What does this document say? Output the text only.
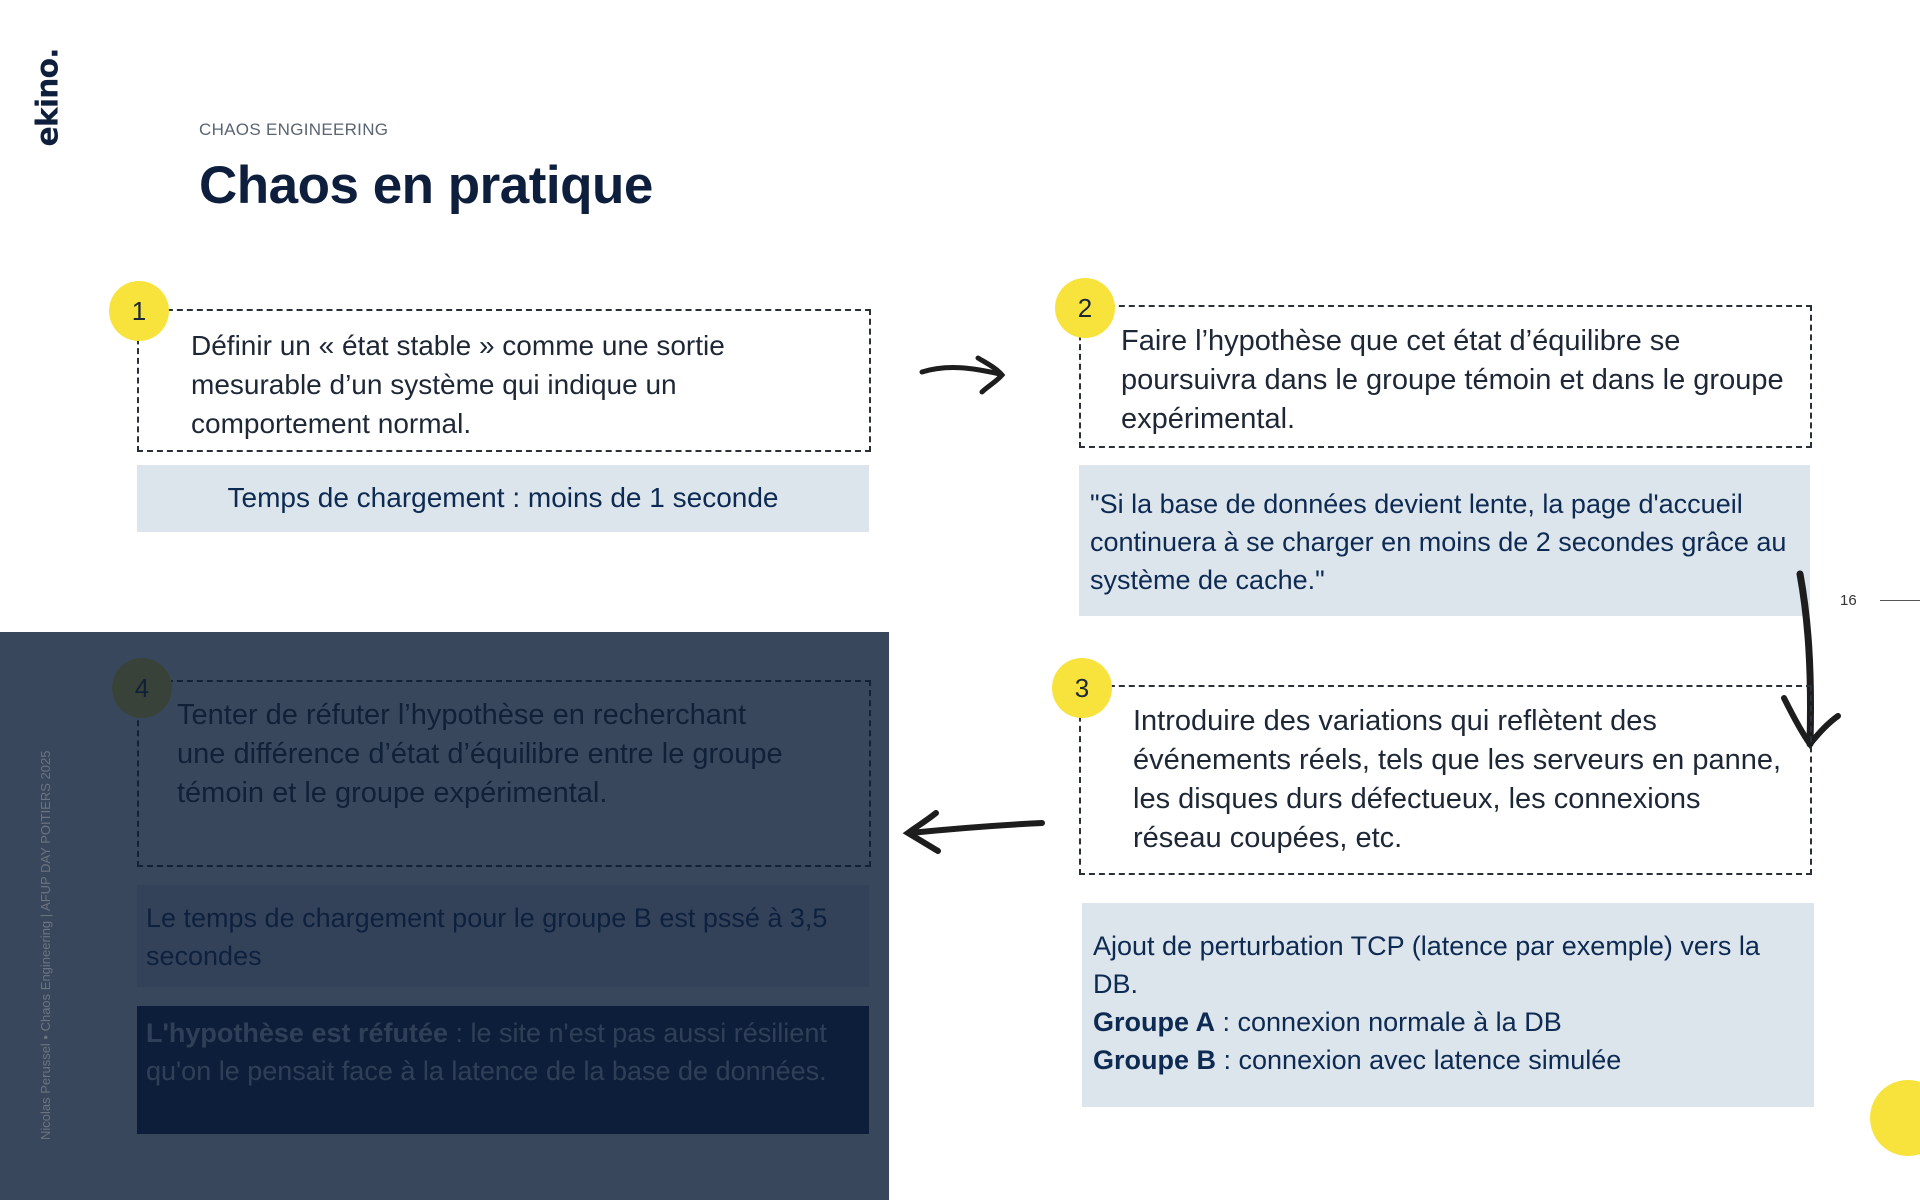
ekino.	CHAOS ENGINEERING
Chaos en pratique
Définir un « état stable » comme une sortie mesurable d’un système qui indique un comportement normal.
1
Temps de chargement : moins de 1 seconde
Faire l’hypothèse que cet état d’équilibre se poursuivra dans le groupe témoin et dans le groupe expérimental.
2
"Si la base de données devient lente, la page d'accueil continuera à se charger en moins de 2 secondes grâce au système de cache."
16
Introduire des variations qui reflètent des événements réels, tels que les serveurs en panne, les disques durs défectueux, les connexions réseau coupées, etc.
3
Ajout de perturbation TCP (latence par exemple) vers la DB.
Groupe A : connexion normale à la DB
Groupe B : connexion avec latence simulée
Nicolas Perussel • Chaos Engineering | AFUP DAY POITIERS 2025
